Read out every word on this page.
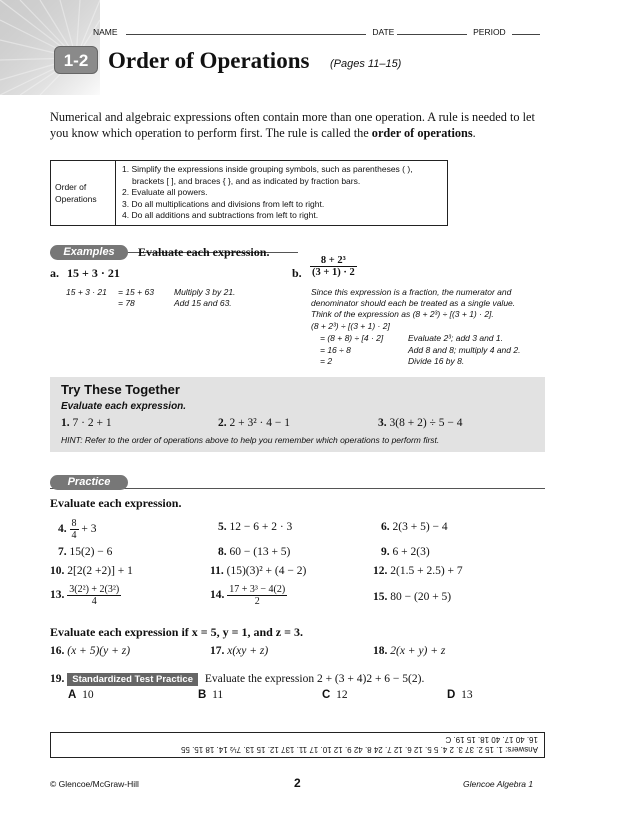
NAME	DATE	PERIOD
1-2 Order of Operations (Pages 11–15)
Numerical and algebraic expressions often contain more than one operation. A rule is needed to let you know which operation to perform first. The rule is called the order of operations.
Order of Operations	
1. Simplify the expressions inside grouping symbols, such as parentheses ( ), brackets [ ], and braces { }, and as indicated by fraction bars.
2. Evaluate all powers.
3. Do all multiplications and divisions from left to right.
4. Do all additions and subtractions from left to right.
Examples	Evaluate each expression.
a. 15 + 3 · 21
15 + 3 · 21 = 15 + 63 Multiply 3 by 21.
= 78	Add 15 and 63.
b. $\frac{\text{8 + 2³}}{(3 + 1) \cdot 2}$
Since this expression is a fraction, the numerator and
denominator should each be treated as a single value.
Think of the expression as (8 + 2³) ÷ [(3 + 1) · 2].
(8 + 2³) ÷ [(3 + 1) · 2]
= (8 + 8) ÷ [4 · 2]	Evaluate 2³; add 3 and 1.
= 16 ÷ 8	Add 8 and 8; multiply 4 and 2.
= 2	Divide 16 by 8.
Try These Together
Evaluate each expression.
1. 7 · 2 + 1	2. 2 + 3² · 4 − 1	3. 3(8 + 2) ÷ 5 − 4
HINT: Refer to the order of operations above to help you remember which operations to perform first.
Practice
Evaluate each expression.
4. $\frac{8}{4} + 3$	5. 12 − 6 + 2 · 3	6. 2(3 + 5) − 4
7. 15(2) − 6	8. 60 − (13 + 5)	9. 6 + 2(3)
10. 2[2(2 +2)] + 1	11. (15)(3)² + (4 − 2)	12. 2(1.5 + 2.5) + 7
13. $\frac{\text{3(2²) + 2(3²)}}{4}$	14. $\frac{\text{17 + 3³ − 4(2)}}{2}$	15. 80 − (20 + 5)
Evaluate each expression if x = 5, y = 1, and z = 3.
16. (x + 5)(y + z)	17. x(xy + z)	18. 2(x + y) + z
19. Standardized Test Practice Evaluate the expression 2 + (3 + 4)2 + 6 − 5(2).
A 10	B 11	C 12	D 13
Answers: 1. 15 2. 37 3. 2 4. 5 5. 12 6. 12 7. 24 8. 42 9. 12 10. 17 11. 137 12. 15 13. 7½ 14. 18 15. 55
16. 40 17. 40 18. 15 19. C
© Glencoe/McGraw-Hill	2	Glencoe Algebra 1
